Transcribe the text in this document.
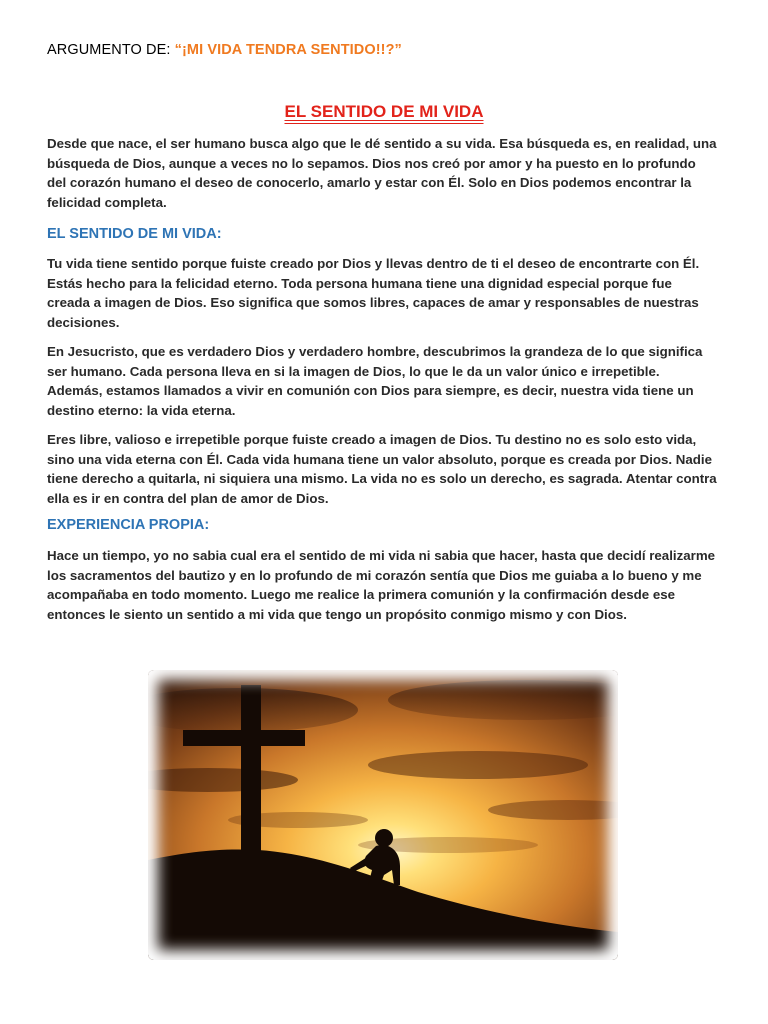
ARGUMENTO DE: “¡MI VIDA TENDRA SENTIDO!!?”
EL SENTIDO DE MI VIDA
Desde que nace, el ser humano busca algo que le dé sentido a su vida. Esa búsqueda es, en realidad, una búsqueda de Dios, aunque a veces no lo sepamos. Dios nos creó por amor y ha puesto en lo profundo del corazón humano el deseo de conocerlo, amarlo y estar con Él. Solo en Dios podemos encontrar la felicidad completa.
EL SENTIDO DE MI VIDA:
Tu vida tiene sentido porque fuiste creado por Dios y llevas dentro de ti el deseo de encontrarte con Él. Estás hecho para la felicidad eterno. Toda persona humana tiene una dignidad especial porque fue creada a imagen de Dios. Eso significa que somos libres, capaces de amar y responsables de nuestras decisiones.
En Jesucristo, que es verdadero Dios y verdadero hombre, descubrimos la grandeza de lo que significa ser humano. Cada persona lleva en si la imagen de Dios, lo que le da un valor único e irrepetible. Además, estamos llamados a vivir en comunión con Dios para siempre, es decir, nuestra vida tiene un destino eterno: la vida eterna.
Eres libre, valioso e irrepetible porque fuiste creado a imagen de Dios. Tu destino no es solo esto vida, sino una vida eterna con Él. Cada vida humana tiene un valor absoluto, porque es creada por Dios. Nadie tiene derecho a quitarla, ni siquiera una mismo. La vida no es solo un derecho, es sagrada. Atentar contra ella es ir en contra del plan de amor de Dios.
EXPERIENCIA PROPIA:
Hace un tiempo, yo no sabia cual era el sentido de mi vida ni sabia que hacer, hasta que decidí realizarme los sacramentos del bautizo y en lo profundo de mi corazón sentía que Dios me guiaba a lo bueno y me acompañaba en todo momento. Luego me realice la primera comunión y la confirmación desde ese entonces le siento un sentido a mi vida que tengo un propósito conmigo mismo y con Dios.
